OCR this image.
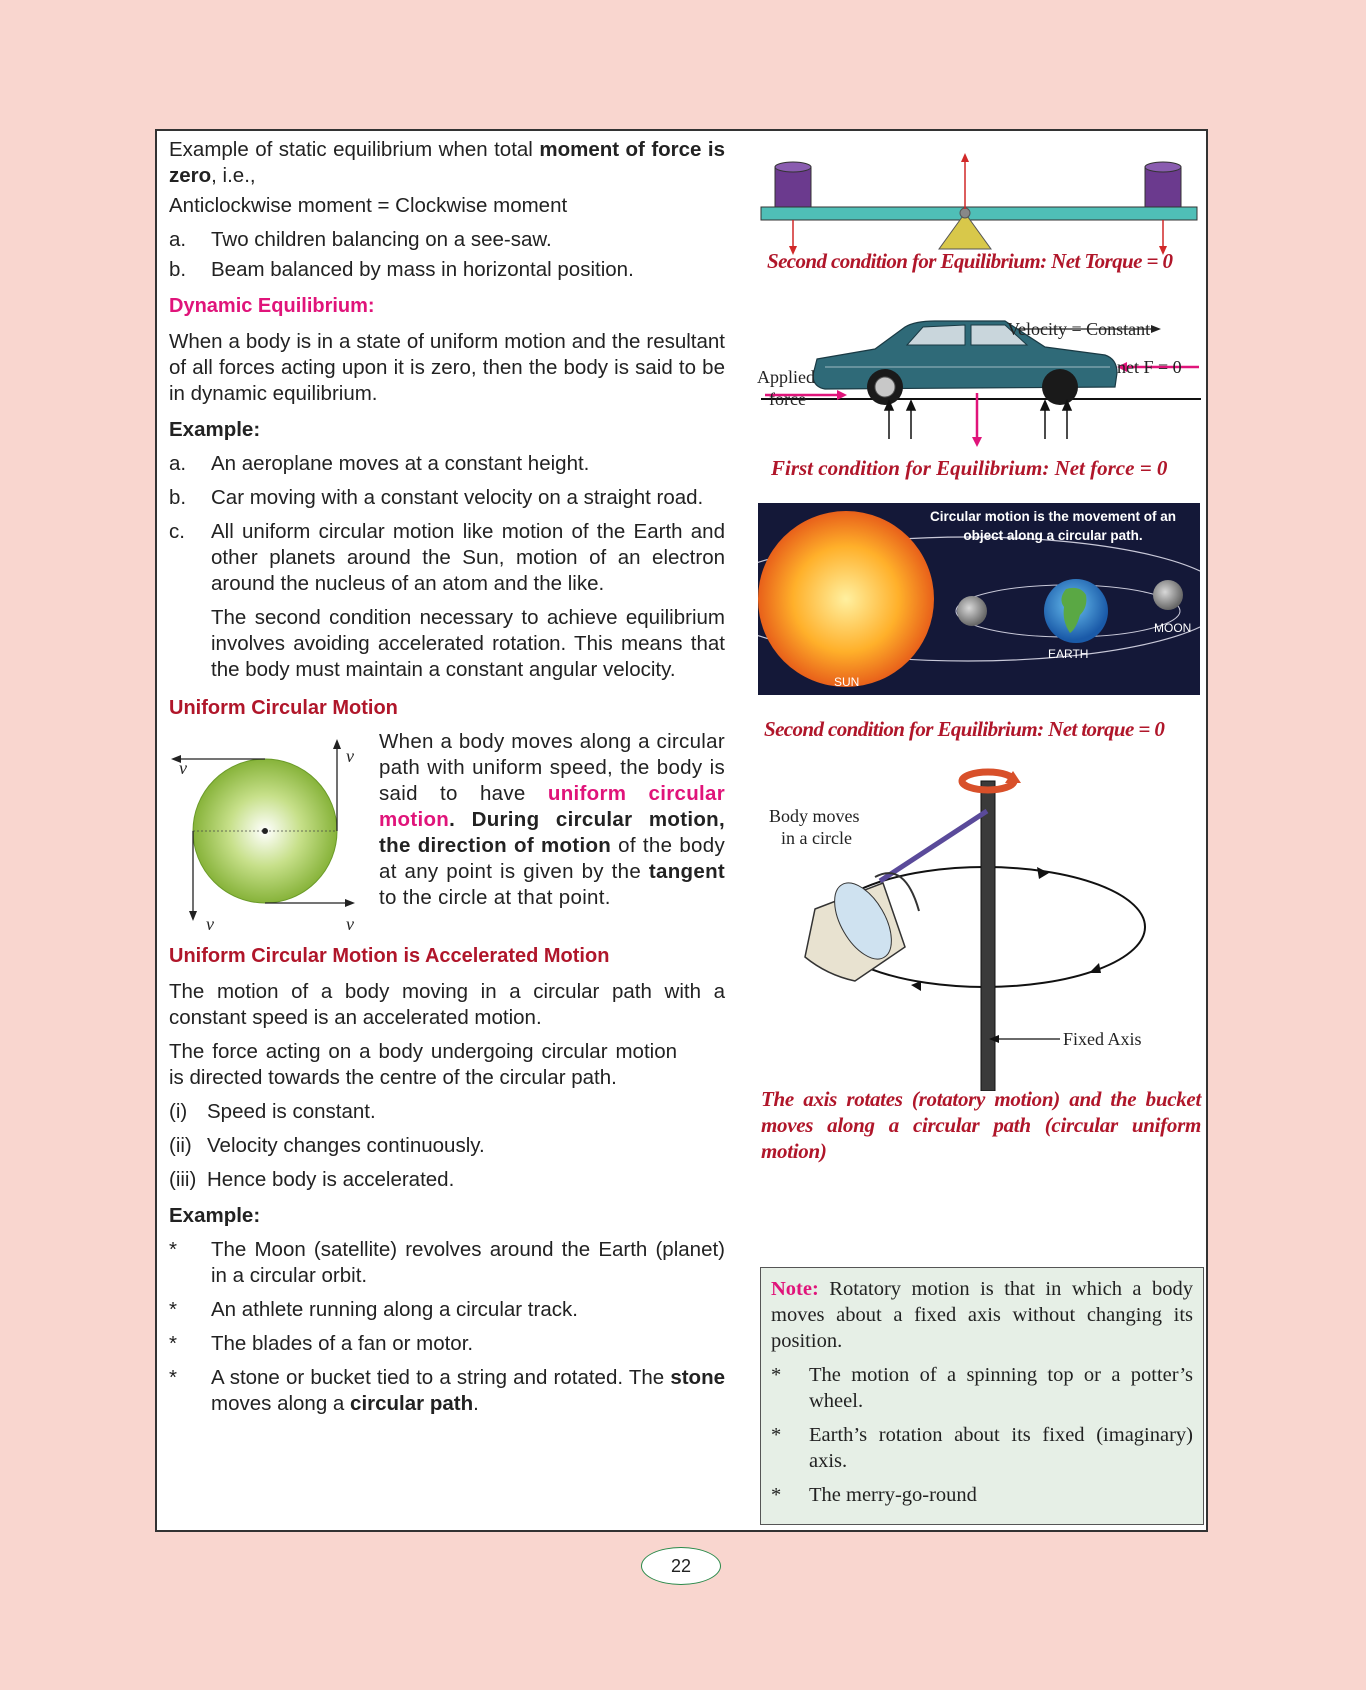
Example of static equilibrium when total moment of force is zero, i.e.,

Anticlockwise moment = Clockwise moment

a.	Two children balancing on a see-saw.
b.	Beam balanced by mass in horizontal position.
Dynamic Equilibrium:

When a body is in a state of uniform motion and the resultant of all forces acting upon it is zero, then the body is said to be in dynamic equilibrium.

Example:
a.	An aeroplane moves at a constant height.
b.	Car moving with a constant velocity on a straight road.
c.	All uniform circular motion like motion of the Earth and other planets around the Sun, motion of an electron around the nucleus of an atom and the like.

The second condition necessary to achieve equilibrium involves avoiding accelerated rotation. This means that the body must maintain a constant angular velocity.

Uniform Circular Motion
v
v
v	v

When a body moves along a circular path with uniform speed, the body is said to have uniform circular motion. During circular motion, the direction of motion of the body at any point is given by the tangent to the circle at that point.

Uniform Circular Motion is Accelerated Motion

The motion of a body moving in a circular path with a constant speed is an accelerated motion.

The force acting on a body undergoing circular motion is directed towards the centre of the circular path.

(i) Speed is constant.
(ii) Velocity changes continuously.
(iii) Hence body is accelerated.
Example:
*	The Moon (satellite) revolves around the Earth (planet) in a circular orbit.
*	An athlete running along a circular track.
*	The blades of a fan or motor.
*	A stone or bucket tied to a string and rotated. The stone moves along a circular path.
Second condition for Equilibrium: Net Torque = 0
Velocity = Constant
net F = 0
Applied
force
First condition for Equilibrium: Net force = 0
Circular motion is the movement of an
object along a circular path.
SUN
EARTH
MOON
Second condition for Equilibrium: Net torque = 0
Body moves
in a circle
Fixed Axis
The axis rotates (rotatory motion) and the bucket moves along a circular path (circular uniform motion)

Note: Rotatory motion is that in which a body moves about a fixed axis without changing its position.

*	The motion of a spinning top or a potter’s wheel.
*	Earth’s rotation about its fixed (imaginary) axis.
*	The merry-go-round
22
